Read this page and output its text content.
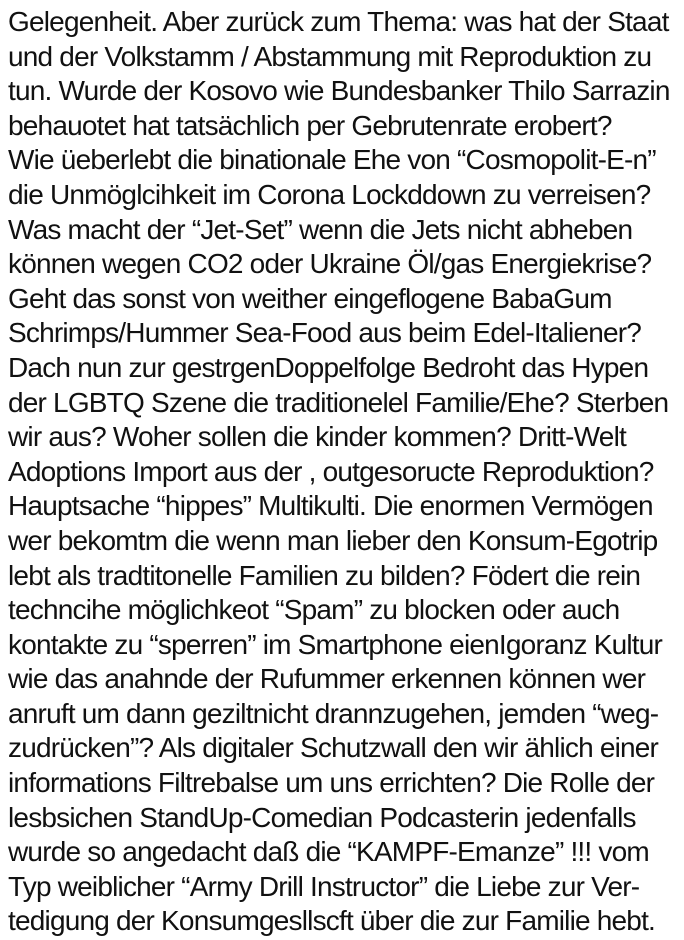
Gelegenheit. Aber zurück zum Thema: was hat der Staat
und der Volkstamm / Abstammung mit Reproduktion zu
tun. Wurde der Kosovo wie Bundesbanker Thilo Sarrazin
behauotet hat tatsächlich per Gebrutenrate erobert?
Wie üeberlebt die binationale Ehe von “Cosmopolit-E-n”
die Unmöglcihkeit im Corona Lockddown zu verreisen?
Was macht der “Jet-Set” wenn die Jets nicht abheben
können wegen CO2 oder Ukraine Öl/gas Energiekrise?
Geht das sonst von weither eingeflogene BabaGum
Schrimps/Hummer Sea-Food aus beim Edel-Italiener?
Dach nun zur gestrgenDoppelfolge Bedroht das Hypen
der LGBTQ Szene die traditionelel Familie/Ehe? Sterben
wir aus? Woher sollen die kinder kommen? Dritt-Welt
Adoptions Import aus der , outgesoructe Reproduktion?
Hauptsache “hippes” Multikulti. Die enormen Vermögen
wer bekomtm die wenn man lieber den Konsum-Egotrip
lebt als tradtitonelle Familien zu bilden? Födert die rein
techncihe möglichkeot “Spam” zu blocken oder auch
kontakte zu “sperren” im Smartphone eienIgoranz Kultur
wie das anahnde der Rufummer erkennen können wer
anruft um dann geziltnicht drannzugehen, jemden “weg-
zudrücken”? Als digitaler Schutzwall den wir ählich einer
informations Filtrebalse um uns errichten? Die Rolle der
lesbsichen StandUp-Comedian Podcasterin jedenfalls
wurde so angedacht daß die “KAMPF-Emanze” !!! vom
Typ weiblicher “Army Drill Instructor” die Liebe zur Ver-
tedigung der Konsumgesllscft über die zur Familie hebt.
